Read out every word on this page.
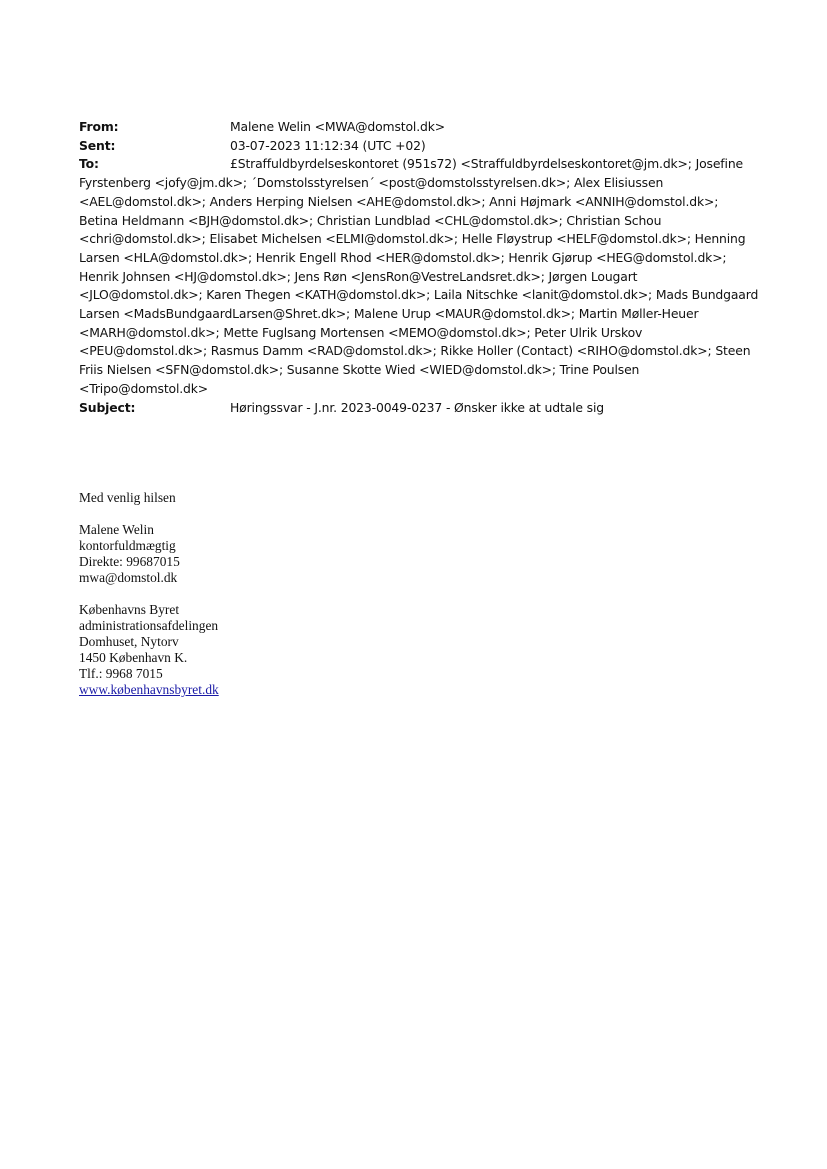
From:	Malene Welin <MWA@domstol.dk>
Sent:	03-07-2023 11:12:34 (UTC +02)
To:	£Straffuldbyrdelseskontoret (951s72) <Straffuldbyrdelseskontoret@jm.dk>; Josefine Fyrstenberg <jofy@jm.dk>; ´Domstolsstyrelsen´ <post@domstolsstyrelsen.dk>; Alex Elisiussen <AEL@domstol.dk>; Anders Herping Nielsen <AHE@domstol.dk>; Anni Højmark <ANNIH@domstol.dk>; Betina Heldmann <BJH@domstol.dk>; Christian Lundblad <CHL@domstol.dk>; Christian Schou <chri@domstol.dk>; Elisabet Michelsen <ELMI@domstol.dk>; Helle Fløystrup <HELF@domstol.dk>; Henning Larsen <HLA@domstol.dk>; Henrik Engell Rhod <HER@domstol.dk>; Henrik Gjørup <HEG@domstol.dk>; Henrik Johnsen <HJ@domstol.dk>; Jens Røn <JensRon@VestreLandsret.dk>; Jørgen Lougart <JLO@domstol.dk>; Karen Thegen <KATH@domstol.dk>; Laila Nitschke <lanit@domstol.dk>; Mads Bundgaard Larsen <MadsBundgaardLarsen@Shret.dk>; Malene Urup <MAUR@domstol.dk>; Martin Møller-Heuer <MARH@domstol.dk>; Mette Fuglsang Mortensen <MEMO@domstol.dk>; Peter Ulrik Urskov <PEU@domstol.dk>; Rasmus Damm <RAD@domstol.dk>; Rikke Holler (Contact) <RIHO@domstol.dk>; Steen Friis Nielsen <SFN@domstol.dk>; Susanne Skotte Wied <WIED@domstol.dk>; Trine Poulsen <Tripo@domstol.dk>
Subject:	Høringssvar - J.nr. 2023-0049-0237 - Ønsker ikke at udtale sig
Med venlig hilsen
Malene Welin
kontorfuldmægtig
Direkte: 99687015
mwa@domstol.dk
Københavns Byret
administrationsafdelingen
Domhuset, Nytorv
1450 København K.
Tlf.: 9968 7015
www.københavnsbyret.dk
